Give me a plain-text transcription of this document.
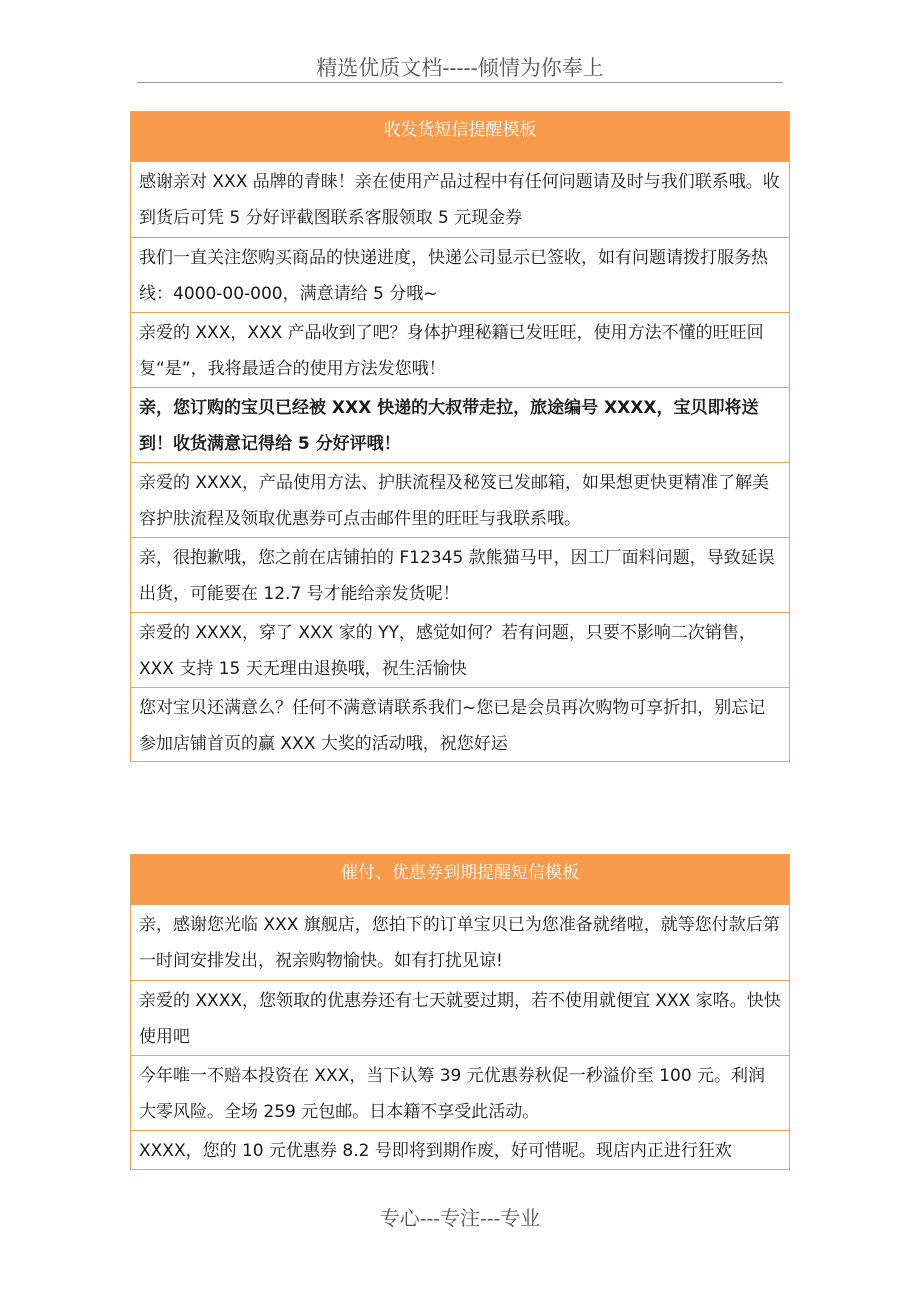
精选优质文档-----倾情为你奉上
收发货短信提醒模板
感谢亲对 XXX 品牌的青睐！亲在使用产品过程中有任何问题请及时与我们联系哦。收到货后可凭 5 分好评截图联系客服领取 5 元现金券
我们一直关注您购买商品的快递进度，快递公司显示已签收，如有问题请拨打服务热线：4000-00-000，满意请给 5 分哦~
亲爱的 XXX，XXX 产品收到了吧？身体护理秘籍已发旺旺，使用方法不懂的旺旺回复“是”，我将最适合的使用方法发您哦！
亲，您订购的宝贝已经被 XXX 快递的大叔带走拉，旅途编号 XXXX，宝贝即将送到！收货满意记得给 5 分好评哦！
亲爱的 XXXX，产品使用方法、护肤流程及秘笈已发邮箱，如果想更快更精准了解美容护肤流程及领取优惠券可点击邮件里的旺旺与我联系哦。
亲，很抱歉哦，您之前在店铺拍的 F12345 款熊猫马甲，因工厂面料问题，导致延误出货，可能要在 12.7 号才能给亲发货呢！
亲爱的 XXXX，穿了 XXX 家的 YY，感觉如何？若有问题，只要不影响二次销售，XXX 支持 15 天无理由退换哦，祝生活愉快
您对宝贝还满意么？任何不满意请联系我们~您已是会员再次购物可享折扣，别忘记参加店铺首页的赢 XXX 大奖的活动哦，祝您好运
催付、优惠券到期提醒短信模板
亲，感谢您光临 XXX 旗舰店，您拍下的订单宝贝已为您准备就绪啦，就等您付款后第一时间安排发出，祝亲购物愉快。如有打扰见谅!
亲爱的 XXXX，您领取的优惠券还有七天就要过期，若不使用就便宜 XXX 家咯。快快使用吧
今年唯一不赔本投资在 XXX，当下认筹 39 元优惠券秋促一秒溢价至 100 元。利润大零风险。全场 259 元包邮。日本籍不享受此活动。
XXXX，您的 10 元优惠券 8.2 号即将到期作废，好可惜呢。现店内正进行狂欢
专心---专注---专业
